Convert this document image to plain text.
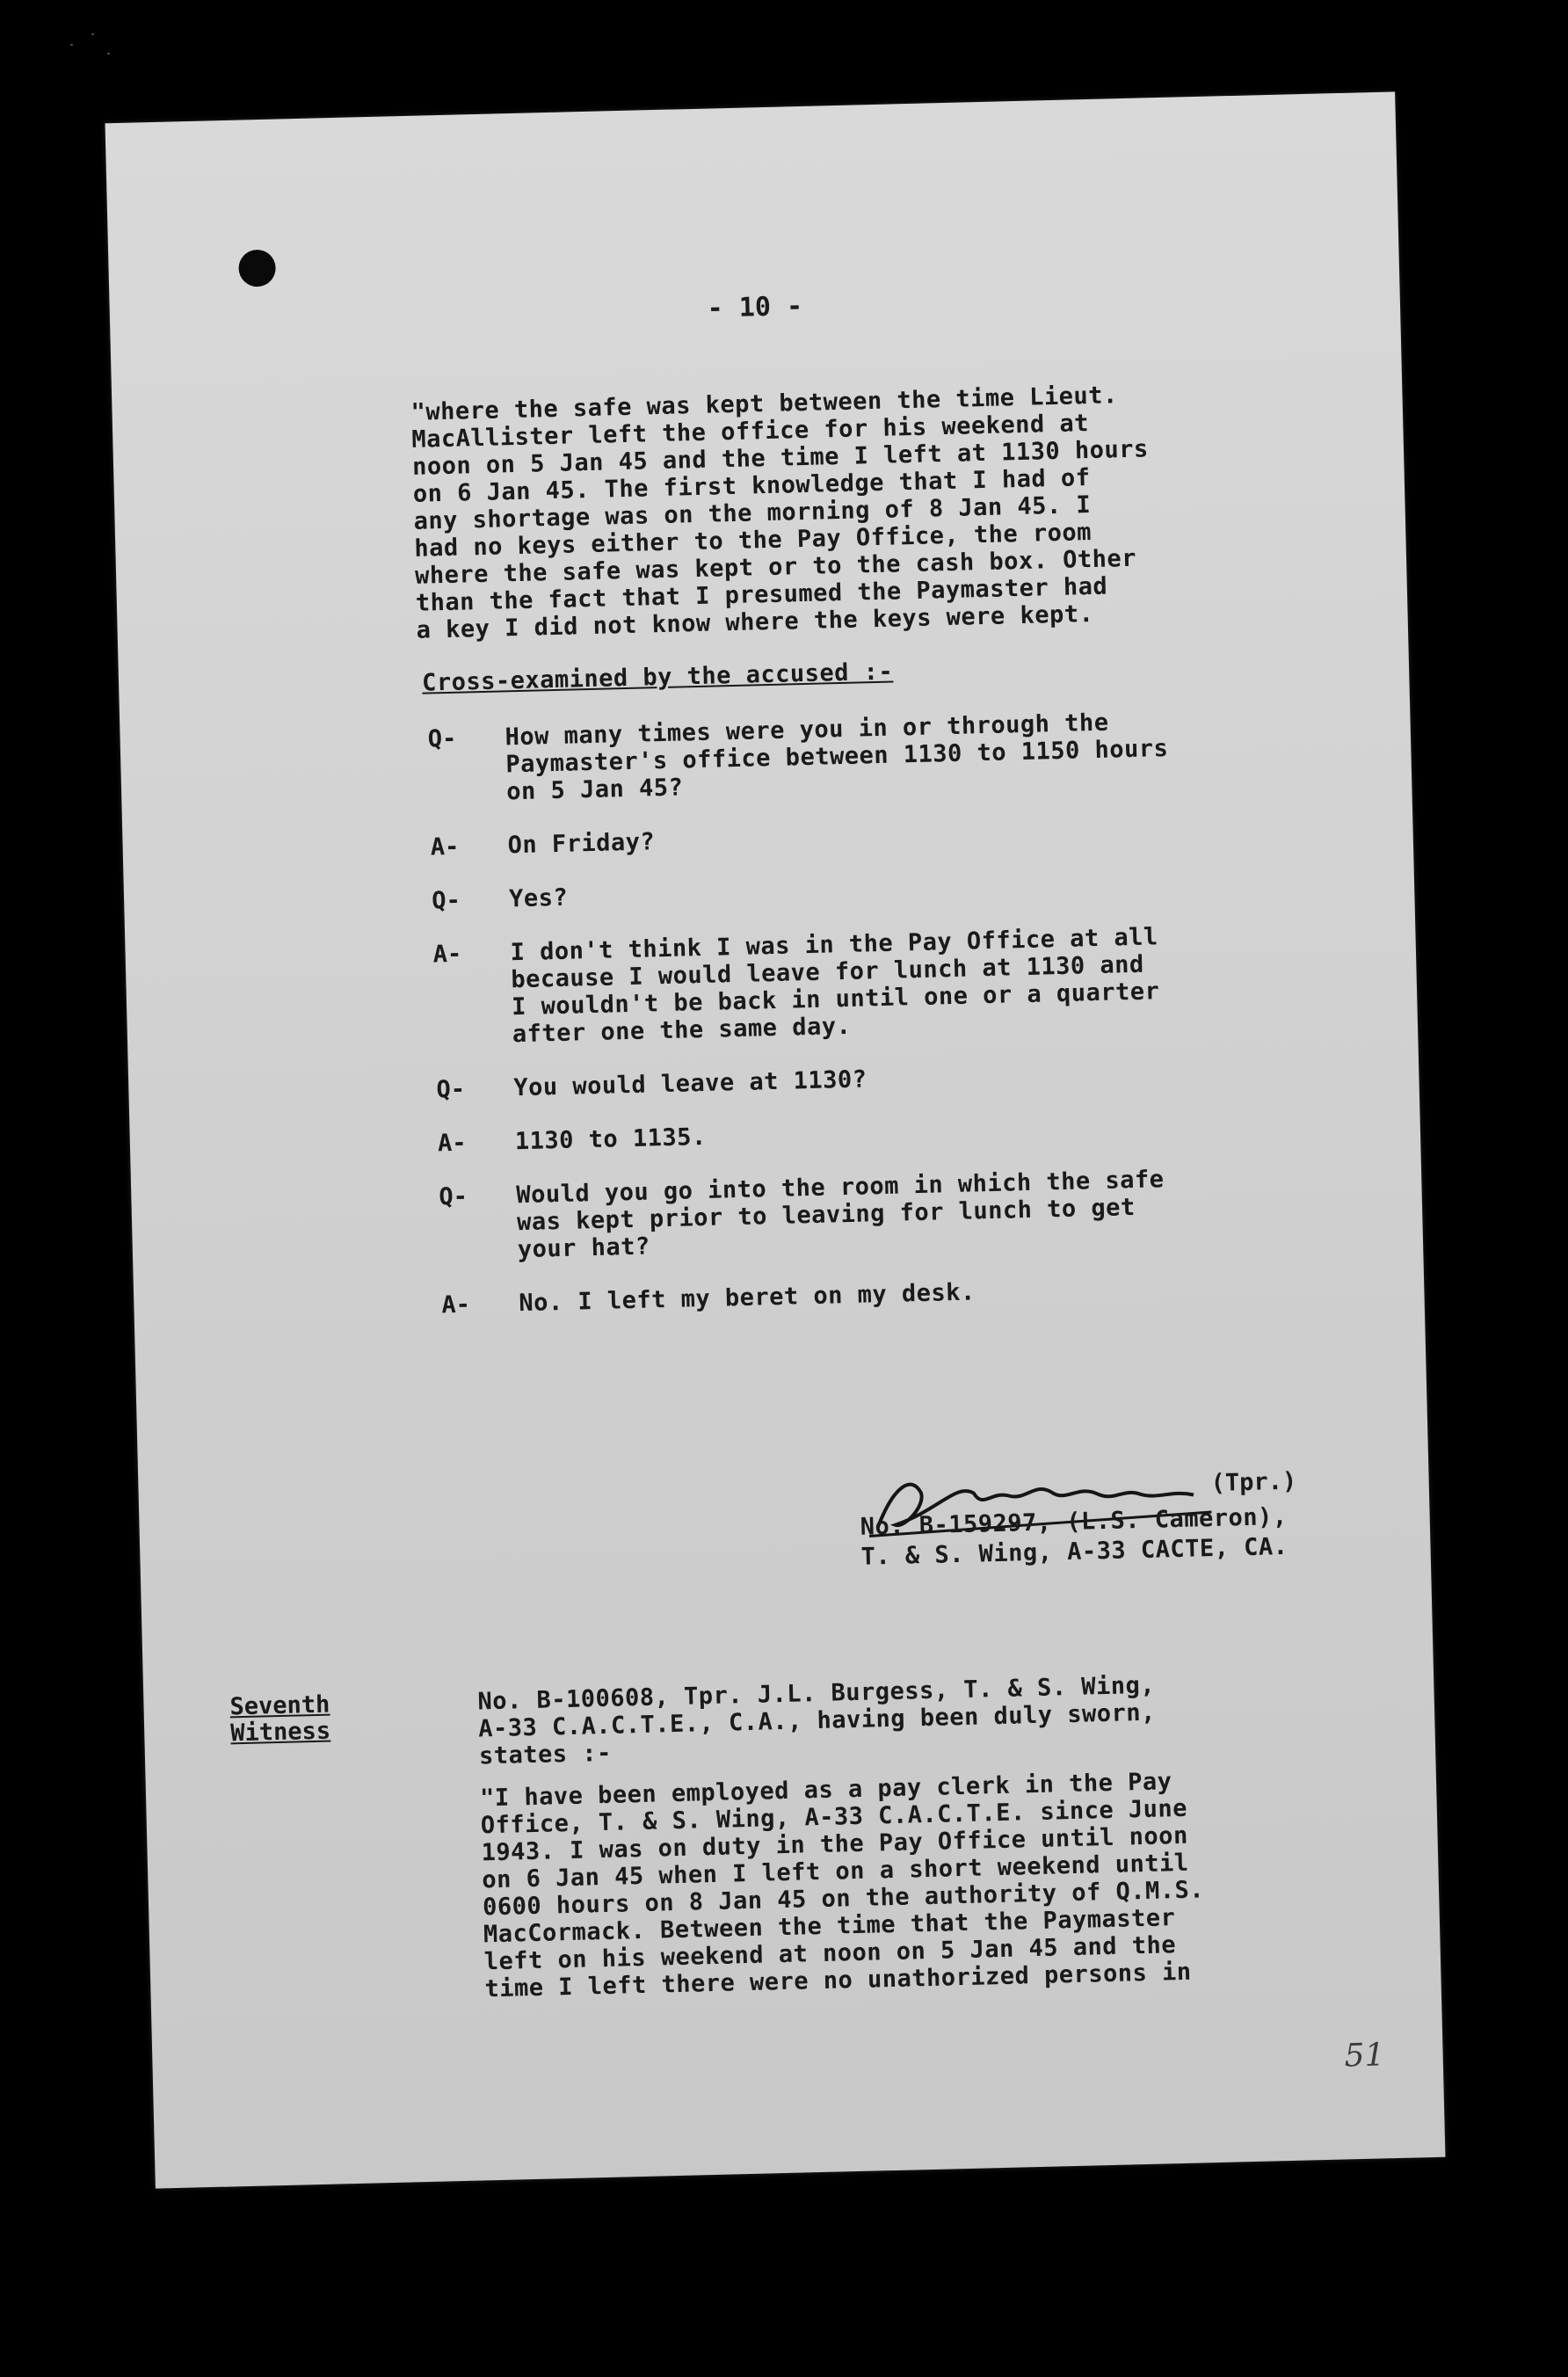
- 10 -
"where the safe was kept between the time Lieut.
MacAllister left the office for his weekend at
noon on 5 Jan 45 and the time I left at 1130 hours
on 6 Jan 45. The first knowledge that I had of
any shortage was on the morning of 8 Jan 45. I
had no keys either to the Pay Office, the room
where the safe was kept or to the cash box. Other
than the fact that I presumed the Paymaster had
a key I did not know where the keys were kept.
Cross-examined by the accused :-
Q-	How many times were you in or through the
Paymaster's office between 1130 to 1150 hours
on 5 Jan 45?
A-	On Friday?
Q-	Yes?
A-	I don't think I was in the Pay Office at all
because I would leave for lunch at 1130 and
I wouldn't be back in until one or a quarter
after one the same day.
Q-	You would leave at 1130?
A-	1130 to 1135.
Q-	Would you go into the room in which the safe
was kept prior to leaving for lunch to get
your hat?
A-	No. I left my beret on my desk.
(Tpr.)
No. B-159297, (L.S. Cameron),
T. & S. Wing, A-33 CACTE, CA.
Seventh
Witness
No. B-100608, Tpr. J.L. Burgess, T. & S. Wing,
A-33 C.A.C.T.E., C.A., having been duly sworn,
states :-
"I have been employed as a pay clerk in the Pay
Office, T. & S. Wing, A-33 C.A.C.T.E. since June
1943. I was on duty in the Pay Office until noon
on 6 Jan 45 when I left on a short weekend until
0600 hours on 8 Jan 45 on the authority of Q.M.S.
MacCormack. Between the time that the Paymaster
left on his weekend at noon on 5 Jan 45 and the
time I left there were no unathorized persons in
51
